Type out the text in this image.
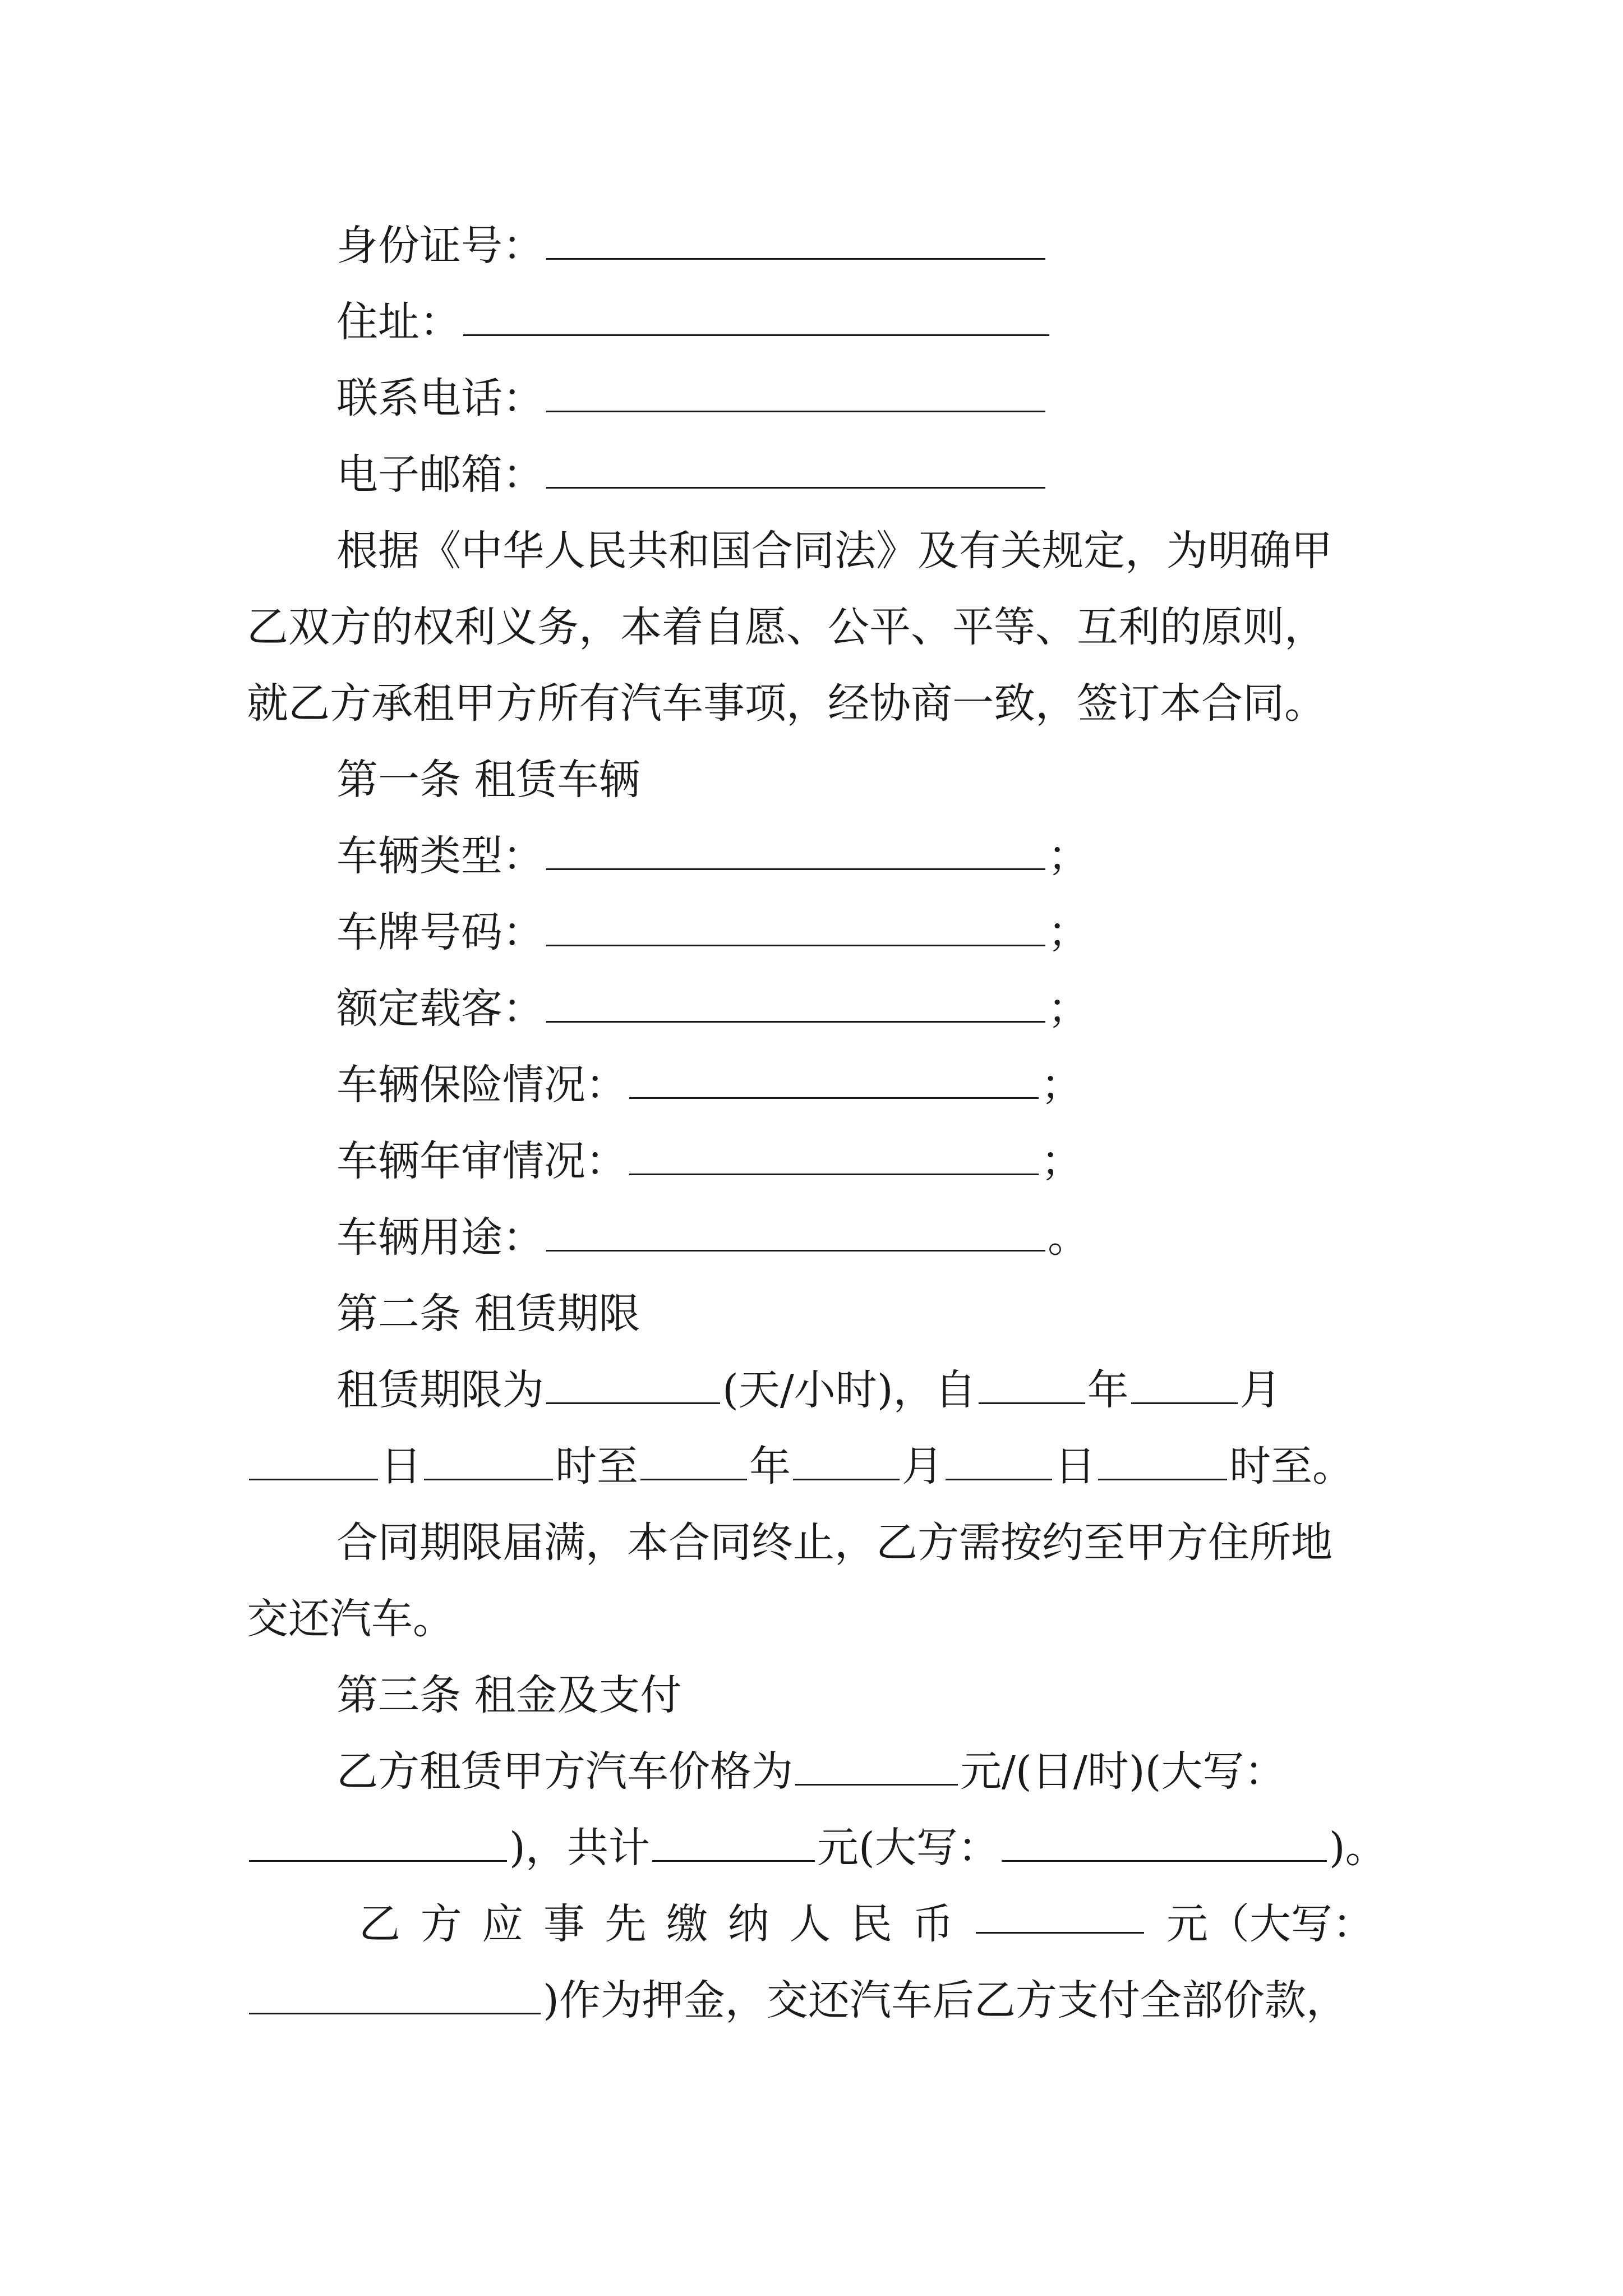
身份证号：
住址：
联系电话：
电子邮箱：
根据《中华人民共和国合同法》及有关规定，为明确甲
乙双方的权利义务，本着自愿、公平、平等、互利的原则，
就乙方承租甲方所有汽车事项，经协商一致，签订本合同。
第一条 租赁车辆
车辆类型：	；
车牌号码：	；
额定载客：	；
车辆保险情况：	；
车辆年审情况：	；
车辆用途：	。
第二条 租赁期限
租赁期限为	(天/小时)，自	年	月
日	时至	年	月	日	时至。
合同期限届满，本合同终止，乙方需按约至甲方住所地
交还汽车。
第三条 租金及支付
乙方租赁甲方汽车价格为	元/(日/时)(大写：
)，共计	元(大写：	)。
乙 方 应 事 先 缴 纳 人 民 币	元（大写：
)作为押金，交还汽车后乙方支付全部价款，
